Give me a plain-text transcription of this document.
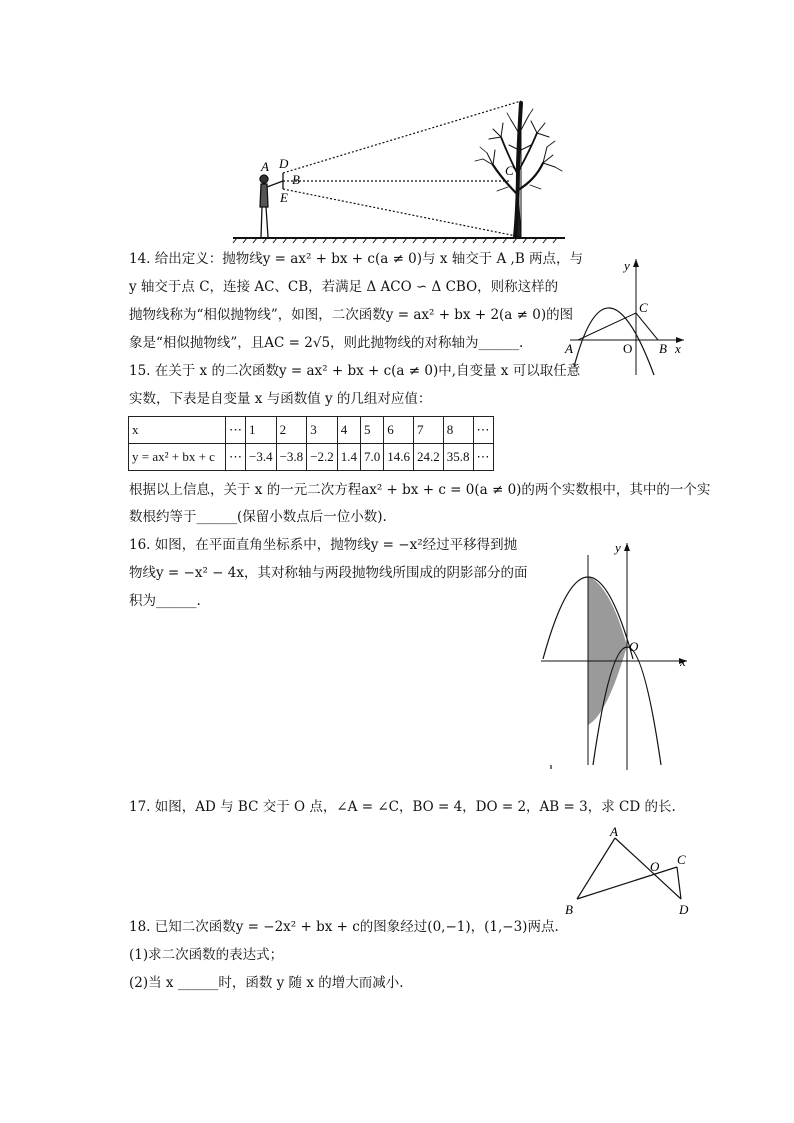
A D
B
E
C
14. 给出定义：抛物线y = ax² + bx + c(a ≠ 0)与 x 轴交于 A ,B 两点，与
y 轴交于点 C，连接 AC、CB，若满足 Δ ACO ∽ Δ CBO，则称这样的
抛物线称为“相似抛物线”，如图，二次函数y = ax² + bx + 2(a ≠ 0)的图
象是“相似抛物线”，且AC = 2√5，则此抛物线的对称轴为______.
y
C
A	O B x
15. 在关于 x 的二次函数y = ax² + bx + c(a ≠ 0)中,自变量 x 可以取任意
实数，下表是自变量 x 与函数值 y 的几组对应值：
x	⋯	1	2	3	4	5	6	7	8	⋯
y = ax² + bx + c	⋯	−3.4	−3.8	−2.2	1.4	7.0	14.6	24.2	35.8	⋯
根据以上信息，关于 x 的一元二次方程ax² + bx + c = 0(a ≠ 0)的两个实数根中，其中的一个实
数根约等于______(保留小数点后一位小数).
16. 如图，在平面直角坐标系中，抛物线y = −x²经过平移得到抛
物线y = −x² − 4x，其对称轴与两段抛物线所围成的阴影部分的面
积为______.
y
O
x
17. 如图，AD 与 BC 交于 O 点，∠A = ∠C，BO = 4，DO = 2，AB = 3，求 CD 的长.
A
O C
B	D
18. 已知二次函数y = −2x² + bx + c的图象经过(0,−1)，(1,−3)两点.
(1)求二次函数的表达式；
(2)当 x ______时，函数 y 随 x 的增大而减小.
